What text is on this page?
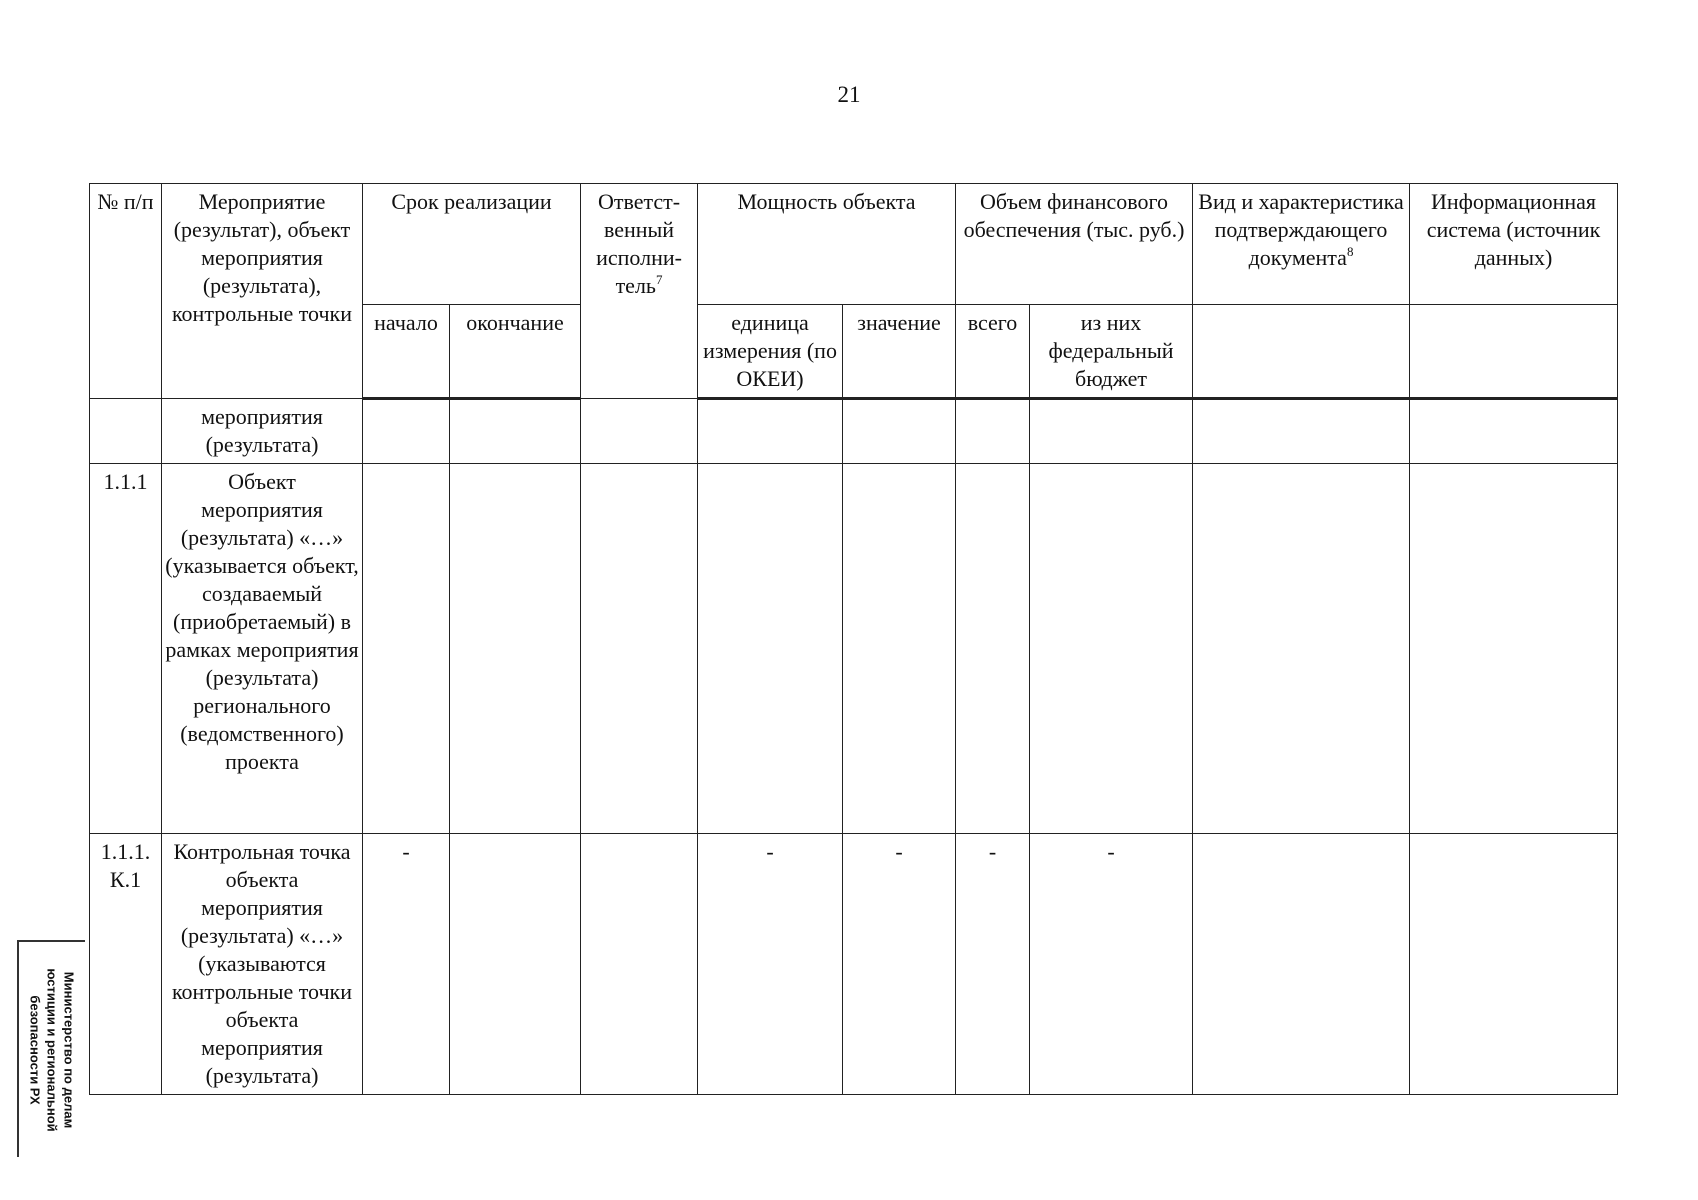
21
№ п/п	Мероприятие (результат), объект мероприятия (результата), контрольные точки	Срок реализации		Ответст- венный исполни- тель$^7$	Мощность объекта		Объем финансового обеспечения (тыс. руб.)		Вид и характеристика подтверждающего документа$^8$	Информационная система (источник данных)
		начало	окончание		единица измерения (по ОКЕИ)	значение	всего	из них федеральный бюджет		
	мероприятия (результата)									
1.1.1	Объект мероприятия (результата) «…» (указывается объект, создаваемый (приобретаемый) в рамках мероприятия (результата) регионального (ведомственного) проекта									
1.1.1. К.1	Контрольная точка объекта мероприятия (результата) «…» (указываются контрольные точки объекта мероприятия (результата)	-			-	-	-	-		
Министерство по делам
юстиции и региональной
безопасности РХ
